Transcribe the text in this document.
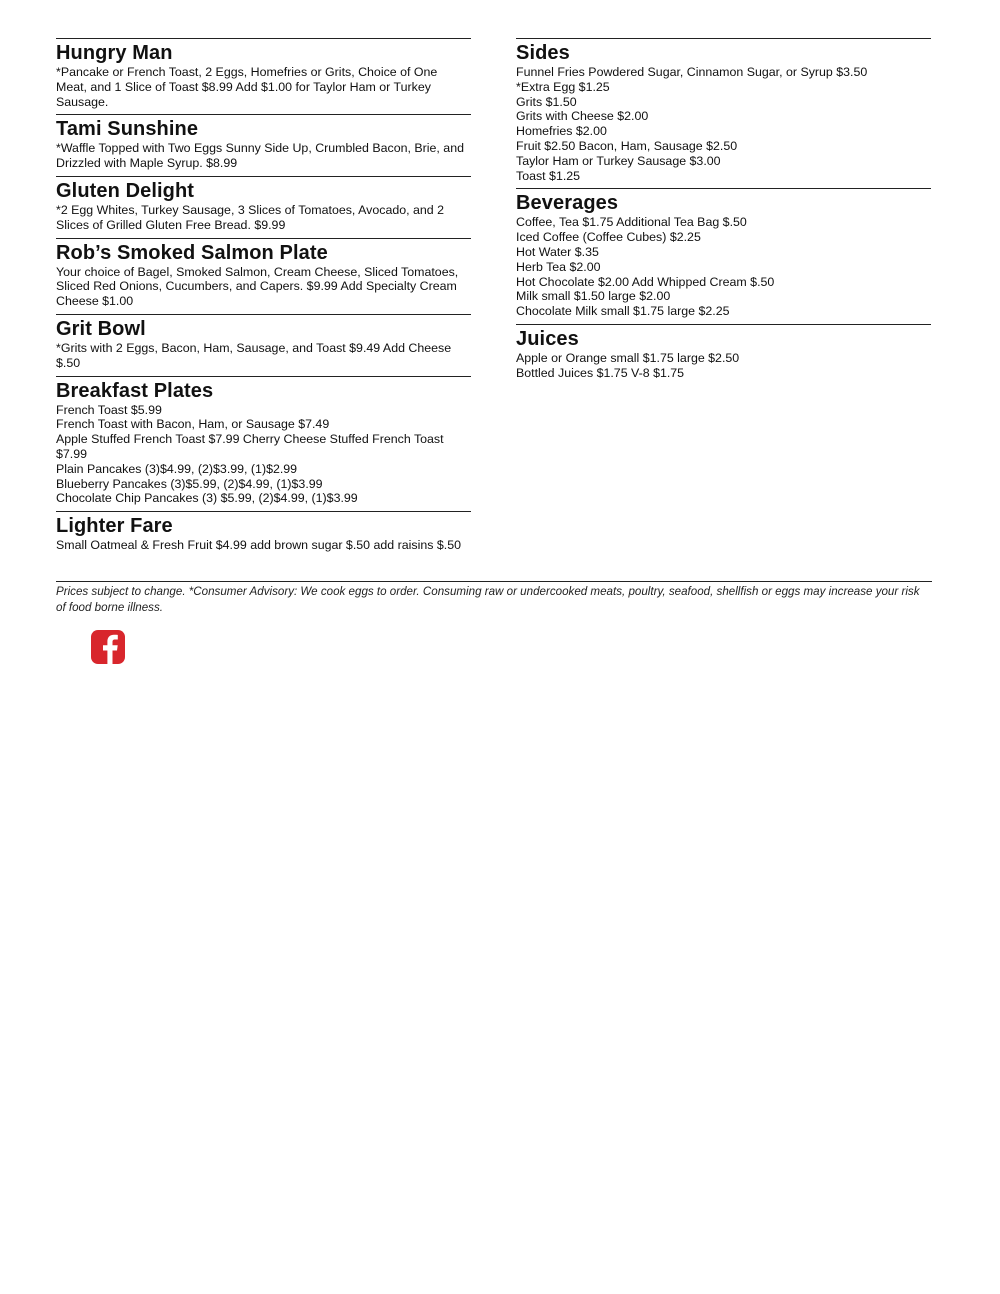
Hungry Man
*Pancake or French Toast, 2 Eggs, Homefries or Grits, Choice of One Meat, and 1 Slice of Toast $8.99 Add $1.00 for Taylor Ham or Turkey Sausage.
Tami Sunshine
*Waffle Topped with Two Eggs Sunny Side Up, Crumbled Bacon, Brie, and Drizzled with Maple Syrup. $8.99
Gluten Delight
*2 Egg Whites, Turkey Sausage, 3 Slices of Tomatoes, Avocado, and 2 Slices of Grilled Gluten Free Bread. $9.99
Rob’s Smoked Salmon Plate
Your choice of Bagel, Smoked Salmon, Cream Cheese, Sliced Tomatoes, Sliced Red Onions, Cucumbers, and Capers. $9.99 Add Specialty Cream Cheese $1.00
Grit Bowl
*Grits with 2 Eggs, Bacon, Ham, Sausage, and Toast $9.49 Add Cheese $.50
Breakfast Plates
French Toast $5.99
French Toast with Bacon, Ham, or Sausage $7.49
Apple Stuffed French Toast $7.99 Cherry Cheese Stuffed French Toast $7.99
Plain Pancakes (3)$4.99, (2)$3.99, (1)$2.99
Blueberry Pancakes (3)$5.99, (2)$4.99, (1)$3.99
Chocolate Chip Pancakes (3) $5.99, (2)$4.99, (1)$3.99
Lighter Fare
Small Oatmeal & Fresh Fruit $4.99 add brown sugar $.50 add raisins $.50
Sides
Funnel Fries Powdered Sugar, Cinnamon Sugar, or Syrup $3.50
*Extra Egg $1.25
Grits $1.50
Grits with Cheese $2.00
Homefries $2.00
Fruit $2.50 Bacon, Ham, Sausage $2.50
Taylor Ham or Turkey Sausage $3.00
Toast $1.25
Beverages
Coffee, Tea $1.75 Additional Tea Bag $.50
Iced Coffee (Coffee Cubes) $2.25
Hot Water $.35
Herb Tea $2.00
Hot Chocolate $2.00 Add Whipped Cream $.50
Milk small $1.50 large $2.00
Chocolate Milk small $1.75 large $2.25
Juices
Apple or Orange small $1.75 large $2.50
Bottled Juices $1.75 V-8 $1.75
Prices subject to change. *Consumer Advisory: We cook eggs to order. Consuming raw or undercooked meats, poultry, seafood, shellfish or eggs may increase your risk of food borne illness.
